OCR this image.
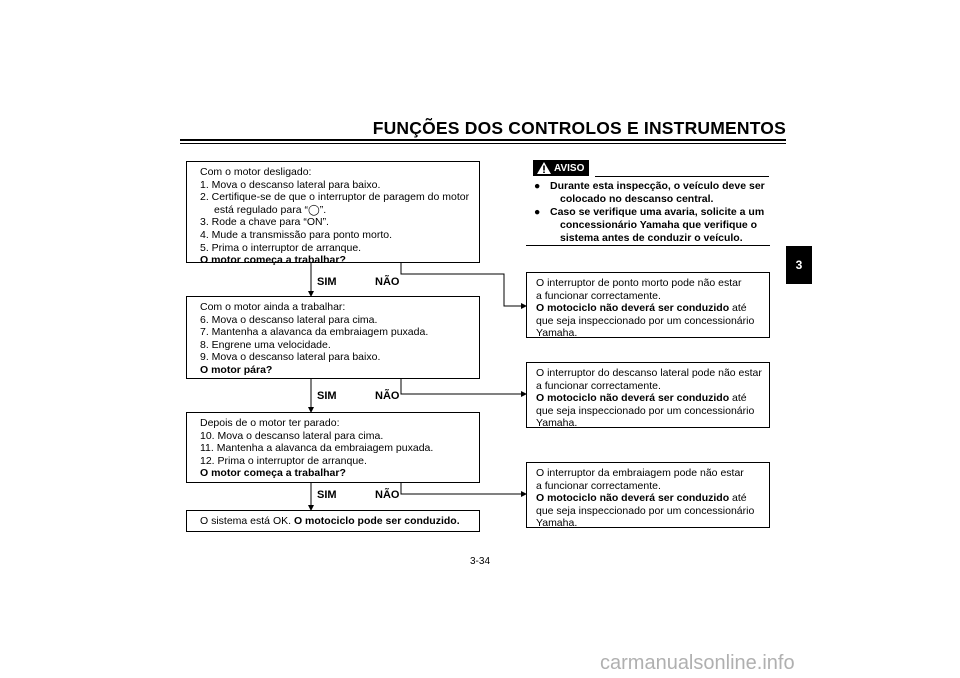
FUNÇÕES DOS CONTROLOS E INSTRUMENTOS
3
Com o motor desligado:
1. Mova o descanso lateral para baixo.
2. Certifique-se de que o interruptor de paragem do motor
está regulado para “◯”.
3. Rode a chave para “ON”.
4. Mude a transmissão para ponto morto.
5. Prima o interruptor de arranque.
O motor começa a trabalhar?
SIM	NÃO
Com o motor ainda a trabalhar:
6. Mova o descanso lateral para cima.
7. Mantenha a alavanca da embraiagem puxada.
8. Engrene uma velocidade.
9. Mova o descanso lateral para baixo.
O motor pára?
SIM	NÃO
Depois de o motor ter parado:
10. Mova o descanso lateral para cima.
11. Mantenha a alavanca da embraiagem puxada.
12. Prima o interruptor de arranque.
O motor começa a trabalhar?
SIM	NÃO
O sistema está OK. O motociclo pode ser conduzido.
AVISO
● Durante esta inspecção, o veículo deve ser
colocado no descanso central.
● Caso se verifique uma avaria, solicite a um
concessionário Yamaha que verifique o
sistema antes de conduzir o veículo.
O interruptor de ponto morto pode não estar
a funcionar correctamente.
O motociclo não deverá ser conduzido até
que seja inspeccionado por um concessionário
Yamaha.
O interruptor do descanso lateral pode não estar
a funcionar correctamente.
O motociclo não deverá ser conduzido até
que seja inspeccionado por um concessionário
Yamaha.
O interruptor da embraiagem pode não estar
a funcionar correctamente.
O motociclo não deverá ser conduzido até
que seja inspeccionado por um concessionário
Yamaha.
3-34
carmanualsonline.info
